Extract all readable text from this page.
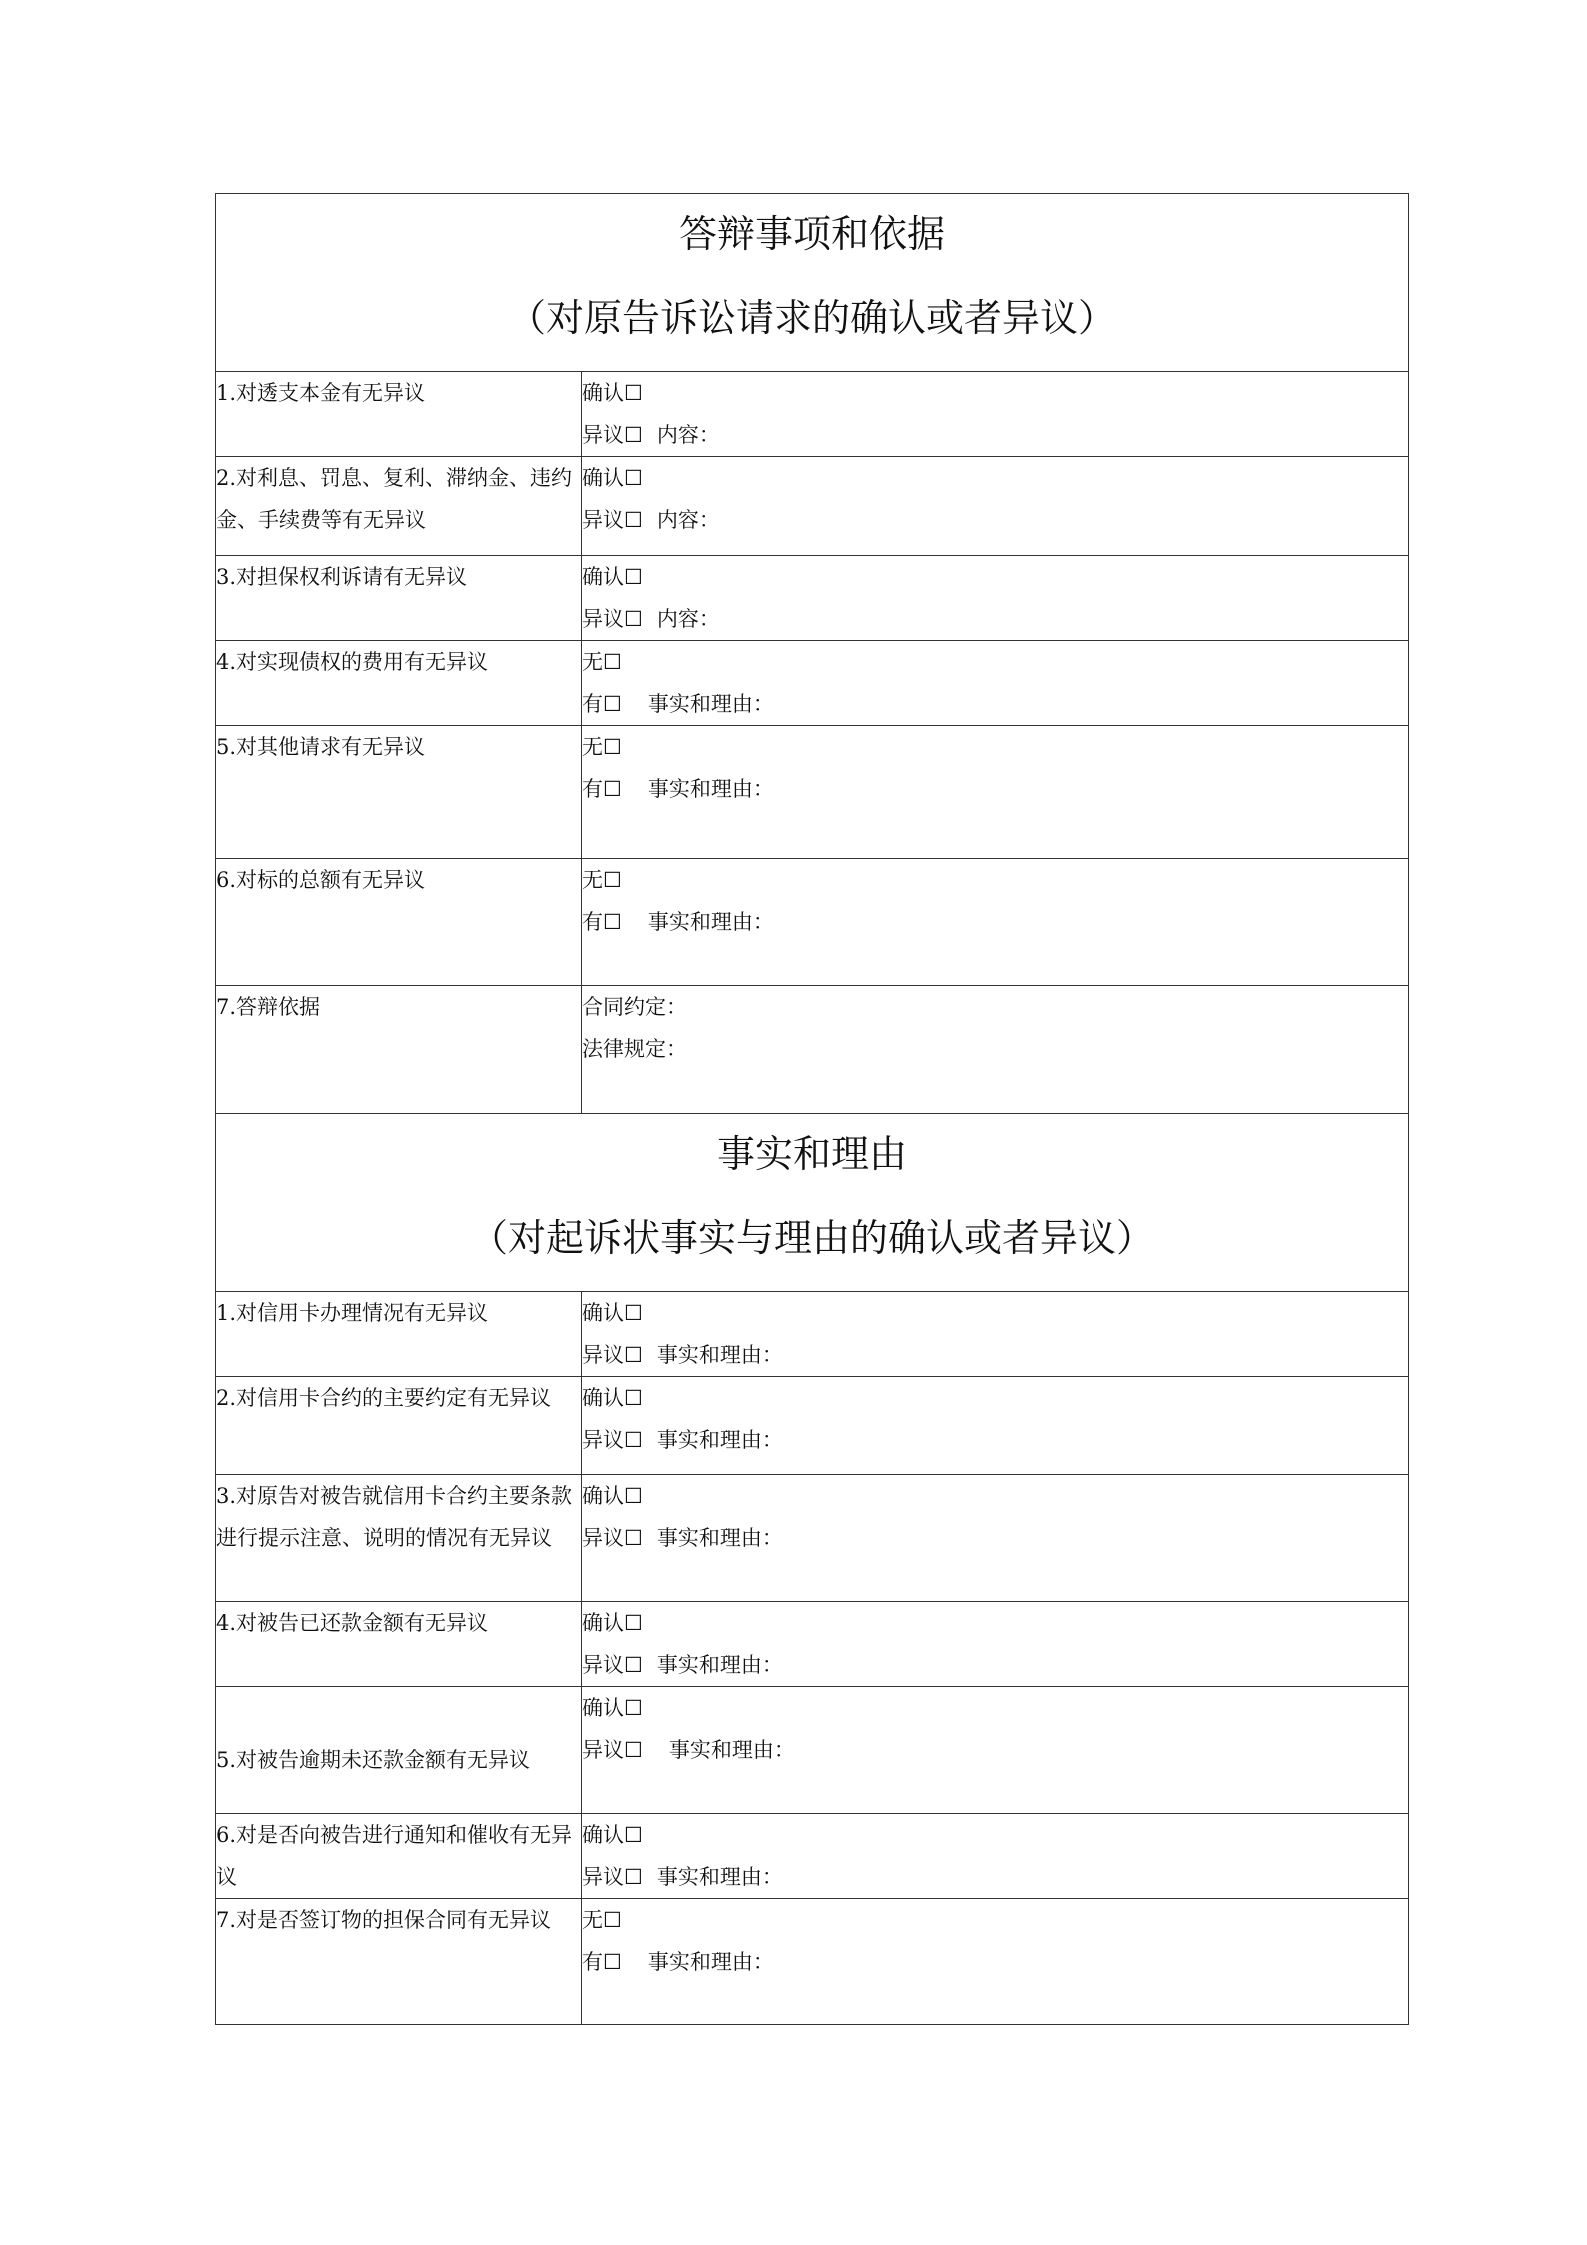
答辩事项和依据
（对原告诉讼请求的确认或者异议）	

1.对透支本金有无异议	确认☐
异议☐ 内容：

2.对利息、罚息、复利、滞纳金、违约金、手续费等有无异议	确认☐
异议☐ 内容：

3.对担保权利诉请有无异议	确认☐
异议☐ 内容：

4.对实现债权的费用有无异议	无☐
有☐ 事实和理由：

5.对其他请求有无异议	无☐
有☐ 事实和理由：

6.对标的总额有无异议	无☐
有☐ 事实和理由：

7.答辩依据	合同约定：
法律规定：

事实和理由
（对起诉状事实与理由的确认或者异议）	

1.对信用卡办理情况有无异议	确认☐
异议☐ 事实和理由：

2.对信用卡合约的主要约定有无异议	确认☐
异议☐ 事实和理由：

3.对原告对被告就信用卡合约主要条款进行提示注意、说明的情况有无异议	确认☐
异议☐ 事实和理由：

4.对被告已还款金额有无异议	确认☐
异议☐ 事实和理由：

5.对被告逾期未还款金额有无异议	确认☐
异议☐ 事实和理由：

6.对是否向被告进行通知和催收有无异议	确认☐
异议☐ 事实和理由：

7.对是否签订物的担保合同有无异议	无☐
有☐ 事实和理由：
